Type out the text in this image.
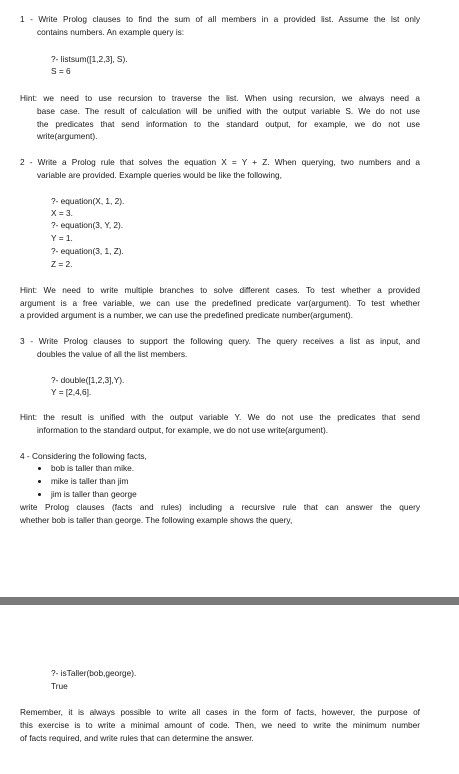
1 - Write Prolog clauses to find the sum of all members in a provided list. Assume the lst only
contains numbers. An example query is:
?- listsum([1,2,3], S).
S = 6
Hint: we need to use recursion to traverse the list. When using recursion, we always need a
base case. The result of calculation will be unified with the output variable S. We do not use
the predicates that send information to the standard output, for example, we do not use
write(argument).
2 - Write a Prolog rule that solves the equation X = Y + Z. When querying, two numbers and a
variable are provided. Example queries would be like the following,
?- equation(X, 1, 2).
X = 3.
?- equation(3, Y, 2).
Y = 1.
?- equation(3, 1, Z).
Z = 2.
Hint: We need to write multiple branches to solve different cases. To test whether a provided
argument is a free variable, we can use the predefined predicate var(argument). To test whether
a provided argument is a number, we can use the predefined predicate number(argument).
3 - Write Prolog clauses to support the following query. The query receives a list as input, and
doubles the value of all the list members.
?- double([1,2,3],Y).
Y = [2,4,6].
Hint: the result is unified with the output variable Y. We do not use the predicates that send
information to the standard output, for example, we do not use write(argument).
4 - Considering the following facts,
bob is taller than mike.
mike is taller than jim
jim is taller than george
write Prolog clauses (facts and rules) including a recursive rule that can answer the query
whether bob is taller than george. The following example shows the query,
?- isTaller(bob,george).
True
Remember, it is always possible to write all cases in the form of facts, however, the purpose of
this exercise is to write a minimal amount of code. Then, we need to write the minimum number
of facts required, and write rules that can determine the answer.
